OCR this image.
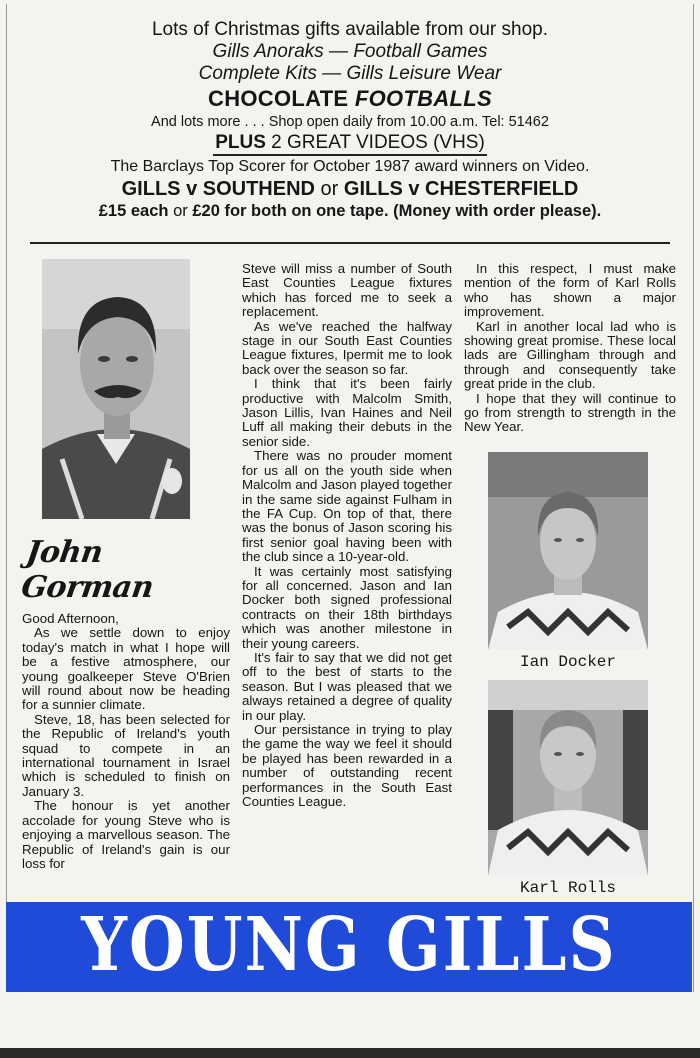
Lots of Christmas gifts available from our shop.
Gills Anoraks — Football Games
Complete Kits — Gills Leisure Wear
CHOCOLATE FOOTBALLS
And lots more . . . Shop open daily from 10.00 a.m. Tel: 51462
PLUS 2 GREAT VIDEOS (VHS)
The Barclays Top Scorer for October 1987 award winners on Video.
GILLS v SOUTHEND or GILLS v CHESTERFIELD
£15 each or £20 for both on one tape. (Money with order please).
John Gorman

Good Afternoon,

As we settle down to enjoy today's match in what I hope will be a festive atmosphere, our young goalkeeper Steve O'Brien will round about now be heading for a sunnier climate.

Steve, 18, has been selected for the Republic of Ireland's youth squad to compete in an international tournament in Israel which is scheduled to finish on January 3.

The honour is yet another accolade for young Steve who is enjoying a marvellous season. The Republic of Ireland's gain is our loss for

Steve will miss a number of South East Counties League fixtures which has forced me to seek a replacement.

As we've reached the halfway stage in our South East Counties League fixtures, Ipermit me to look back over the season so far.

I think that it's been fairly productive with Malcolm Smith, Jason Lillis, Ivan Haines and Neil Luff all making their debuts in the senior side.

There was no prouder moment for us all on the youth side when Malcolm and Jason played together in the same side against Fulham in the FA Cup. On top of that, there was the bonus of Jason scoring his first senior goal having been with the club since a 10-year-old.

It was certainly most satisfying for all concerned. Jason and Ian Docker both signed professional contracts on their 18th birthdays which was another milestone in their young careers.

It's fair to say that we did not get off to the best of starts to the season. But I was pleased that we always retained a degree of quality in our play.

Our persistance in trying to play the game the way we feel it should be played has been rewarded in a number of outstanding recent performances in the South East Counties League.

In this respect, I must make mention of the form of Karl Rolls who has shown a major improvement.

Karl in another local lad who is showing great promise. These local lads are Gillingham through and through and consequently take great pride in the club.

I hope that they will continue to go from strength to strength in the New Year.

Ian Docker
Karl Rolls
YOUNG GILLS
